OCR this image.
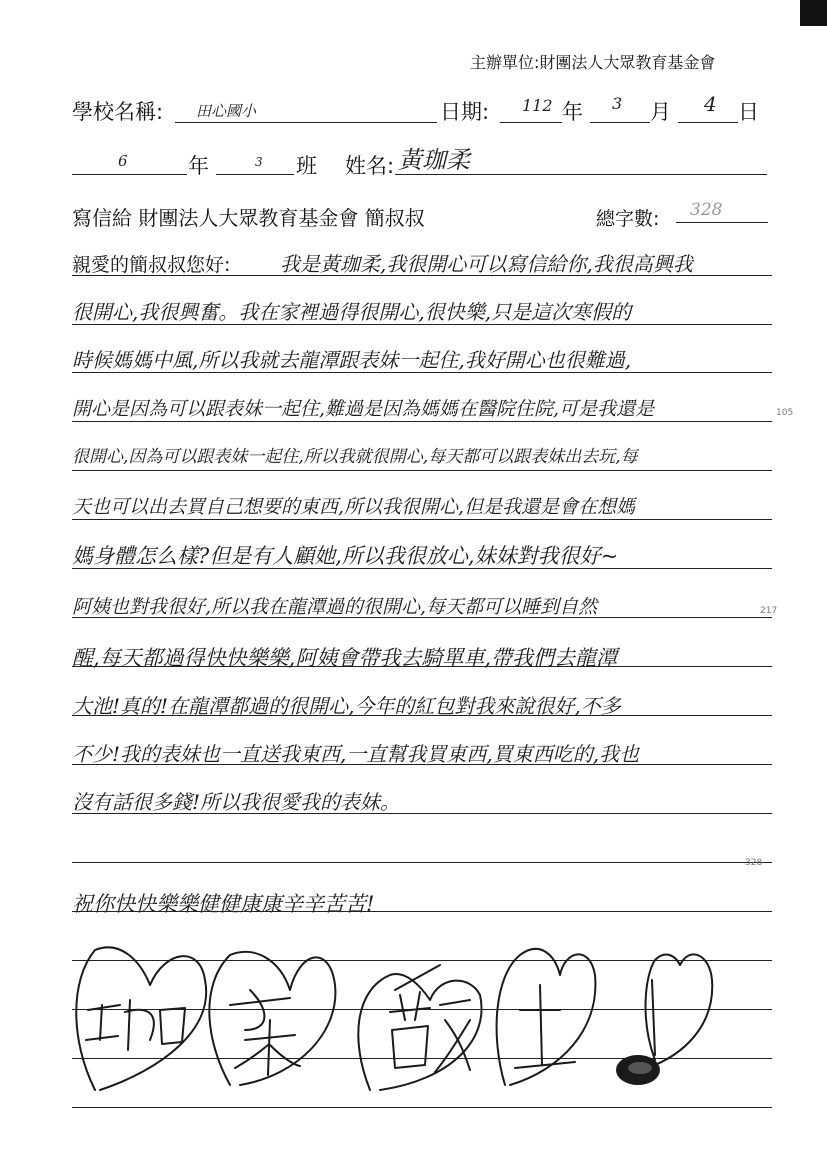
主辦單位:財團法人大眾教育基金會
學校名稱: 田心國小	日期: 112 年 3 月 4 日
6	年	3 班 姓名: 黃珈柔
寫信給 財團法人大眾教育基金會 簡叔叔	總字數: 328
親愛的簡叔叔您好: 我是黃珈柔,我很開心可以寫信給你,我很高興我
很開心,我很興奮。我在家裡過得很開心,很快樂,只是這次寒假的
時候媽媽中風,所以我就去龍潭跟表妹一起住,我好開心也很難過,
開心是因為可以跟表妹一起住,難過是因為媽媽在醫院住院,可是我還是	105
很開心,因為可以跟表妹一起住,所以我就很開心,每天都可以跟表妹出去玩,每
天也可以出去買自己想要的東西,所以我很開心,但是我還是會在想媽
媽身體怎么樣?但是有人顧她,所以我很放心,妹妹對我很好~
阿姨也對我很好,所以我在龍潭過的很開心,每天都可以睡到自然	217
醒,每天都過得快快樂樂,阿姨會帶我去騎單車,帶我們去龍潭
大池!真的!在龍潭都過的很開心,今年的紅包對我來說很好,不多
不少!我的表妹也一直送我東西,一直幫我買東西,買東西吃的,我也
沒有話很多錢!所以我很愛我的表妹。
328
祝你快快樂樂健健康康辛辛苦苦!
